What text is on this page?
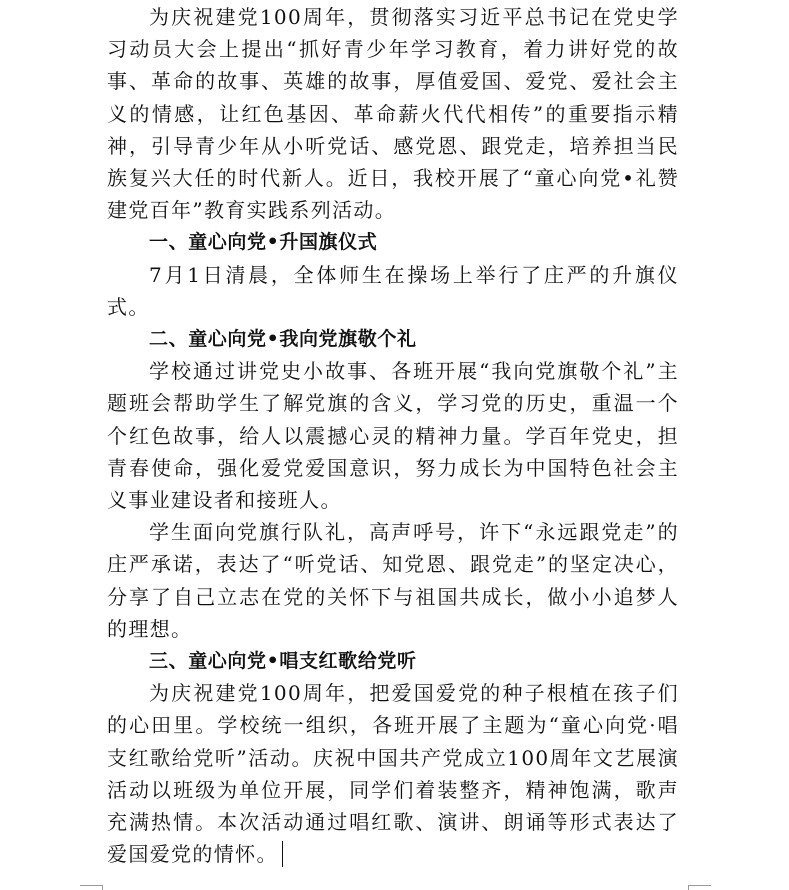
为庆祝建党100周年，贯彻落实习近平总书记在党史学习动员大会上提出“抓好青少年学习教育，着力讲好党的故事、革命的故事、英雄的故事，厚值爱国、爱党、爱社会主义的情感，让红色基因、革命薪火代代相传”的重要指示精神，引导青少年从小听党话、感党恩、跟党走，培养担当民族复兴大任的时代新人。近日，我校开展了“童心向党•礼赞建党百年”教育实践系列活动。

一、童心向党•升国旗仪式

7月1日清晨，全体师生在操场上举行了庄严的升旗仪式。

二、童心向党•我向党旗敬个礼

学校通过讲党史小故事、各班开展“我向党旗敬个礼”主题班会帮助学生了解党旗的含义，学习党的历史，重温一个个红色故事，给人以震撼心灵的精神力量。学百年党史，担青春使命，强化爱党爱国意识，努力成长为中国特色社会主义事业建设者和接班人。

学生面向党旗行队礼，高声呼号，许下“永远跟党走”的庄严承诺，表达了“听党话、知党恩、跟党走”的坚定决心，分享了自己立志在党的关怀下与祖国共成长，做小小追梦人的理想。

三、童心向党•唱支红歌给党听

为庆祝建党100周年，把爱国爱党的种子根植在孩子们的心田里。学校统一组织，各班开展了主题为“童心向党·唱支红歌给党听”活动。庆祝中国共产党成立100周年文艺展演活动以班级为单位开展，同学们着装整齐，精神饱满，歌声充满热情。本次活动通过唱红歌、演讲、朗诵等形式表达了爱国爱党的情怀。
